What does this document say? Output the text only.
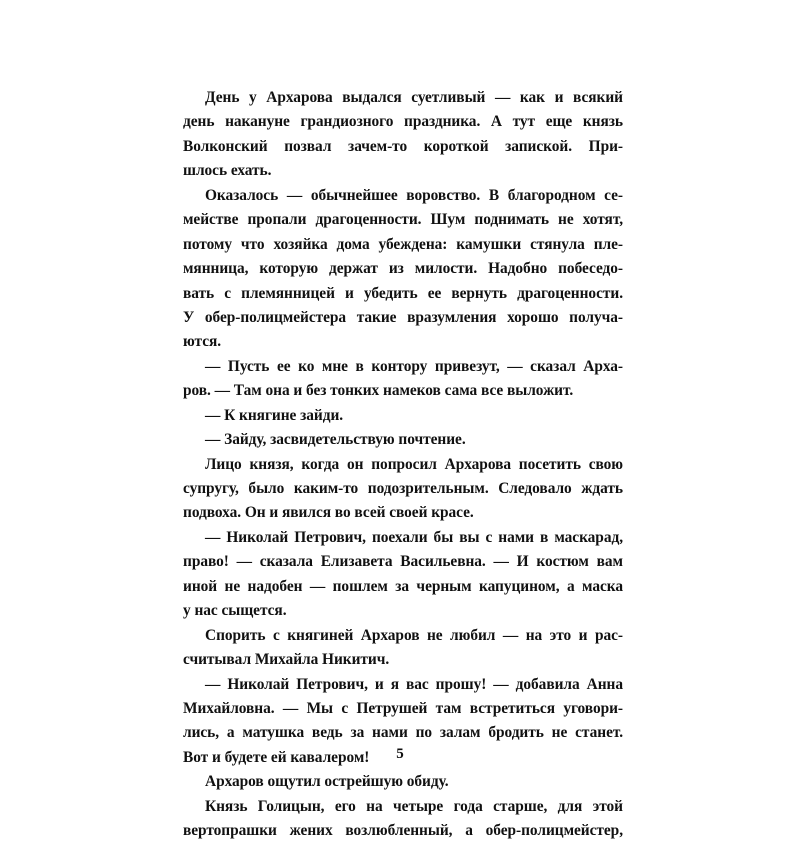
День у Архарова выдался суетливый — как и всякий
день накануне грандиозного праздника. А тут еще князь
Волконский позвал зачем-то короткой запиской. При-
шлось ехать.
Оказалось — обычнейшее воровство. В благородном се-
мействе пропали драгоценности. Шум поднимать не хотят,
потому что хозяйка дома убеждена: камушки стянула пле-
мянница, которую держат из милости. Надобно побеседо-
вать с племянницей и убедить ее вернуть драгоценности.
У обер-полицмейстера такие вразумления хорошо получа-
ются.
— Пусть ее ко мне в контору привезут, — сказал Арха-
ров. — Там она и без тонких намеков сама все выложит.
— К княгине зайди.
— Зайду, засвидетельствую почтение.
Лицо князя, когда он попросил Архарова посетить свою
супругу, было каким-то подозрительным. Следовало ждать
подвоха. Он и явился во всей своей красе.
— Николай Петрович, поехали бы вы с нами в маскарад,
право! — сказала Елизавета Васильевна. — И костюм вам
иной не надобен — пошлем за черным капуцином, а маска
у нас сыщется.
Спорить с княгиней Архаров не любил — на это и рас-
считывал Михайла Никитич.
— Николай Петрович, и я вас прошу! — добавила Анна
Михайловна. — Мы с Петрушей там встретиться уговори-
лись, а матушка ведь за нами по залам бродить не станет.
Вот и будете ей кавалером!
Архаров ощутил острейшую обиду.
Князь Голицын, его на четыре года старше, для этой
вертопрашки жених возлюбленный, а обер-полицмейстер,
5
